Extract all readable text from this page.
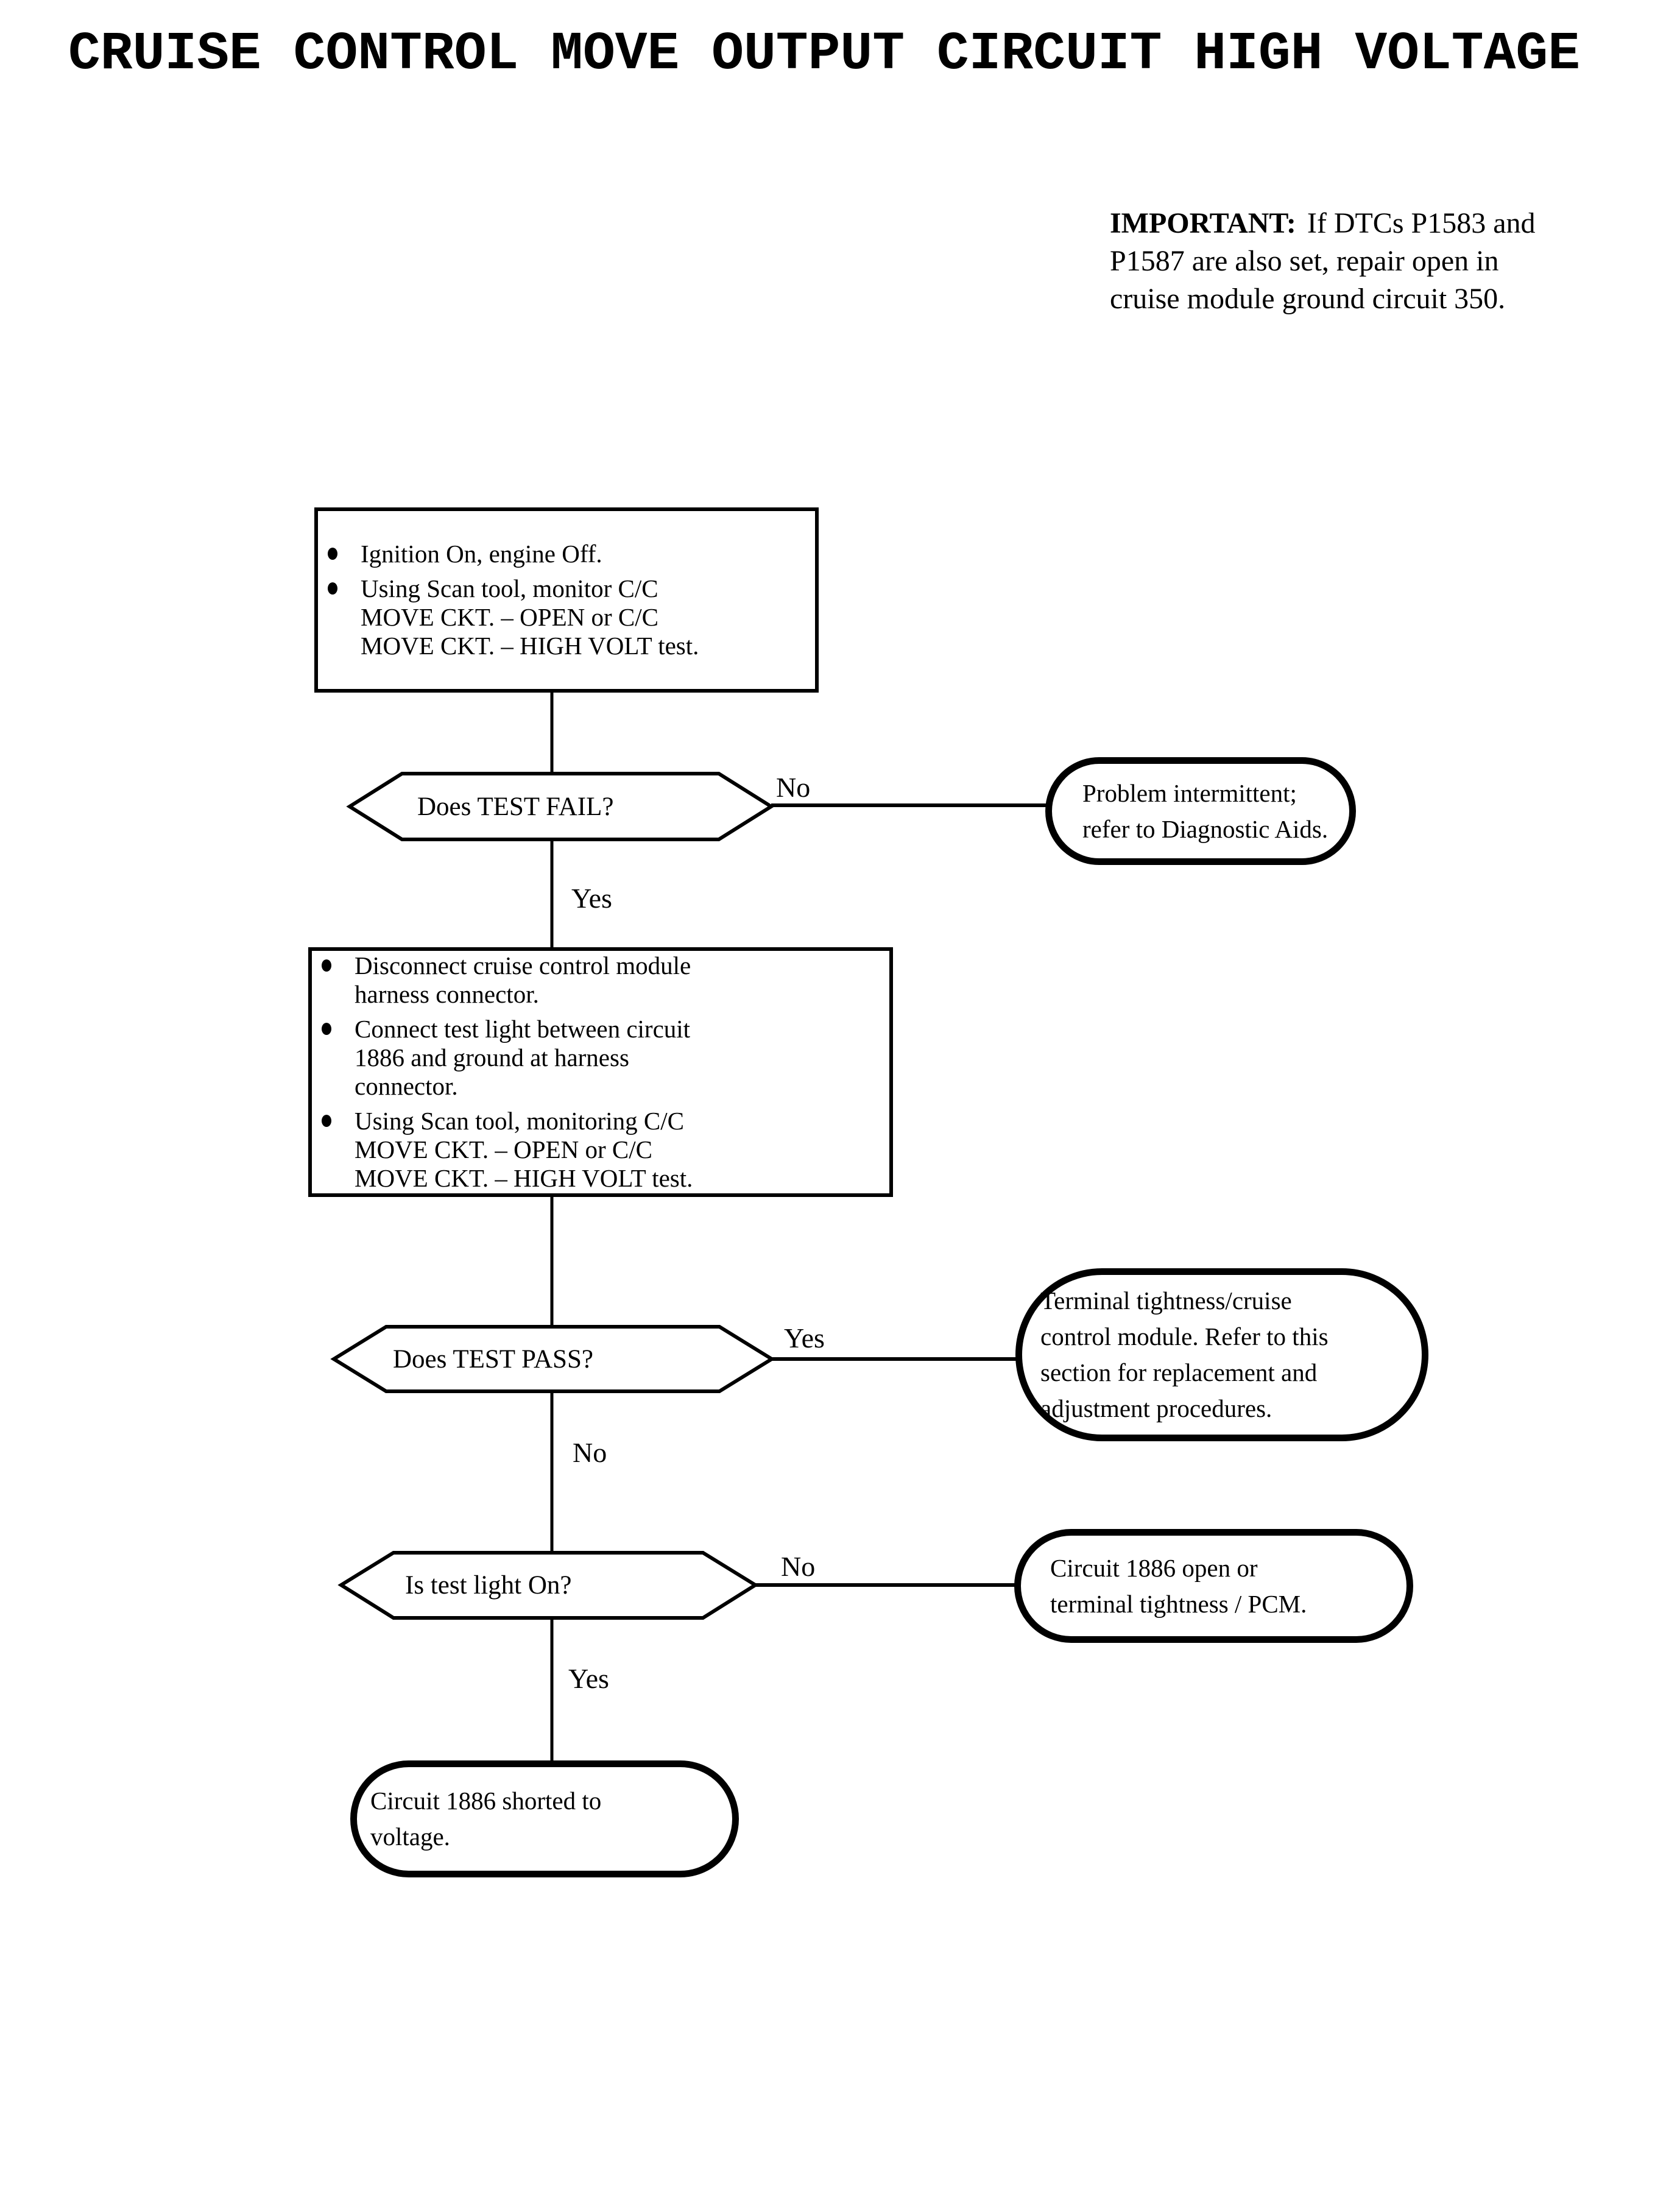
CRUISE CONTROL MOVE OUTPUT CIRCUIT HIGH VOLTAGE
IMPORTANT: If DTCs P1583 and
P1587 are also set, repair open in
cruise module ground circuit 350.
Ignition On, engine Off.
Using Scan tool, monitor C/C
MOVE CKT. – OPEN or C/C
MOVE CKT. – HIGH VOLT test.
Does TEST FAIL?
No
Yes
Problem intermittent;
refer to Diagnostic Aids.
Disconnect cruise control module
harness connector.
Connect test light between circuit
1886 and ground at harness
connector.
Using Scan tool, monitoring C/C
MOVE CKT. – OPEN or C/C
MOVE CKT. – HIGH VOLT test.
Does TEST PASS?
Yes
No
Terminal tightness/cruise
control module. Refer to this
section for replacement and
adjustment procedures.
Is test light On?
No
Yes
Circuit 1886 open or
terminal tightness / PCM.
Circuit 1886 shorted to
voltage.
